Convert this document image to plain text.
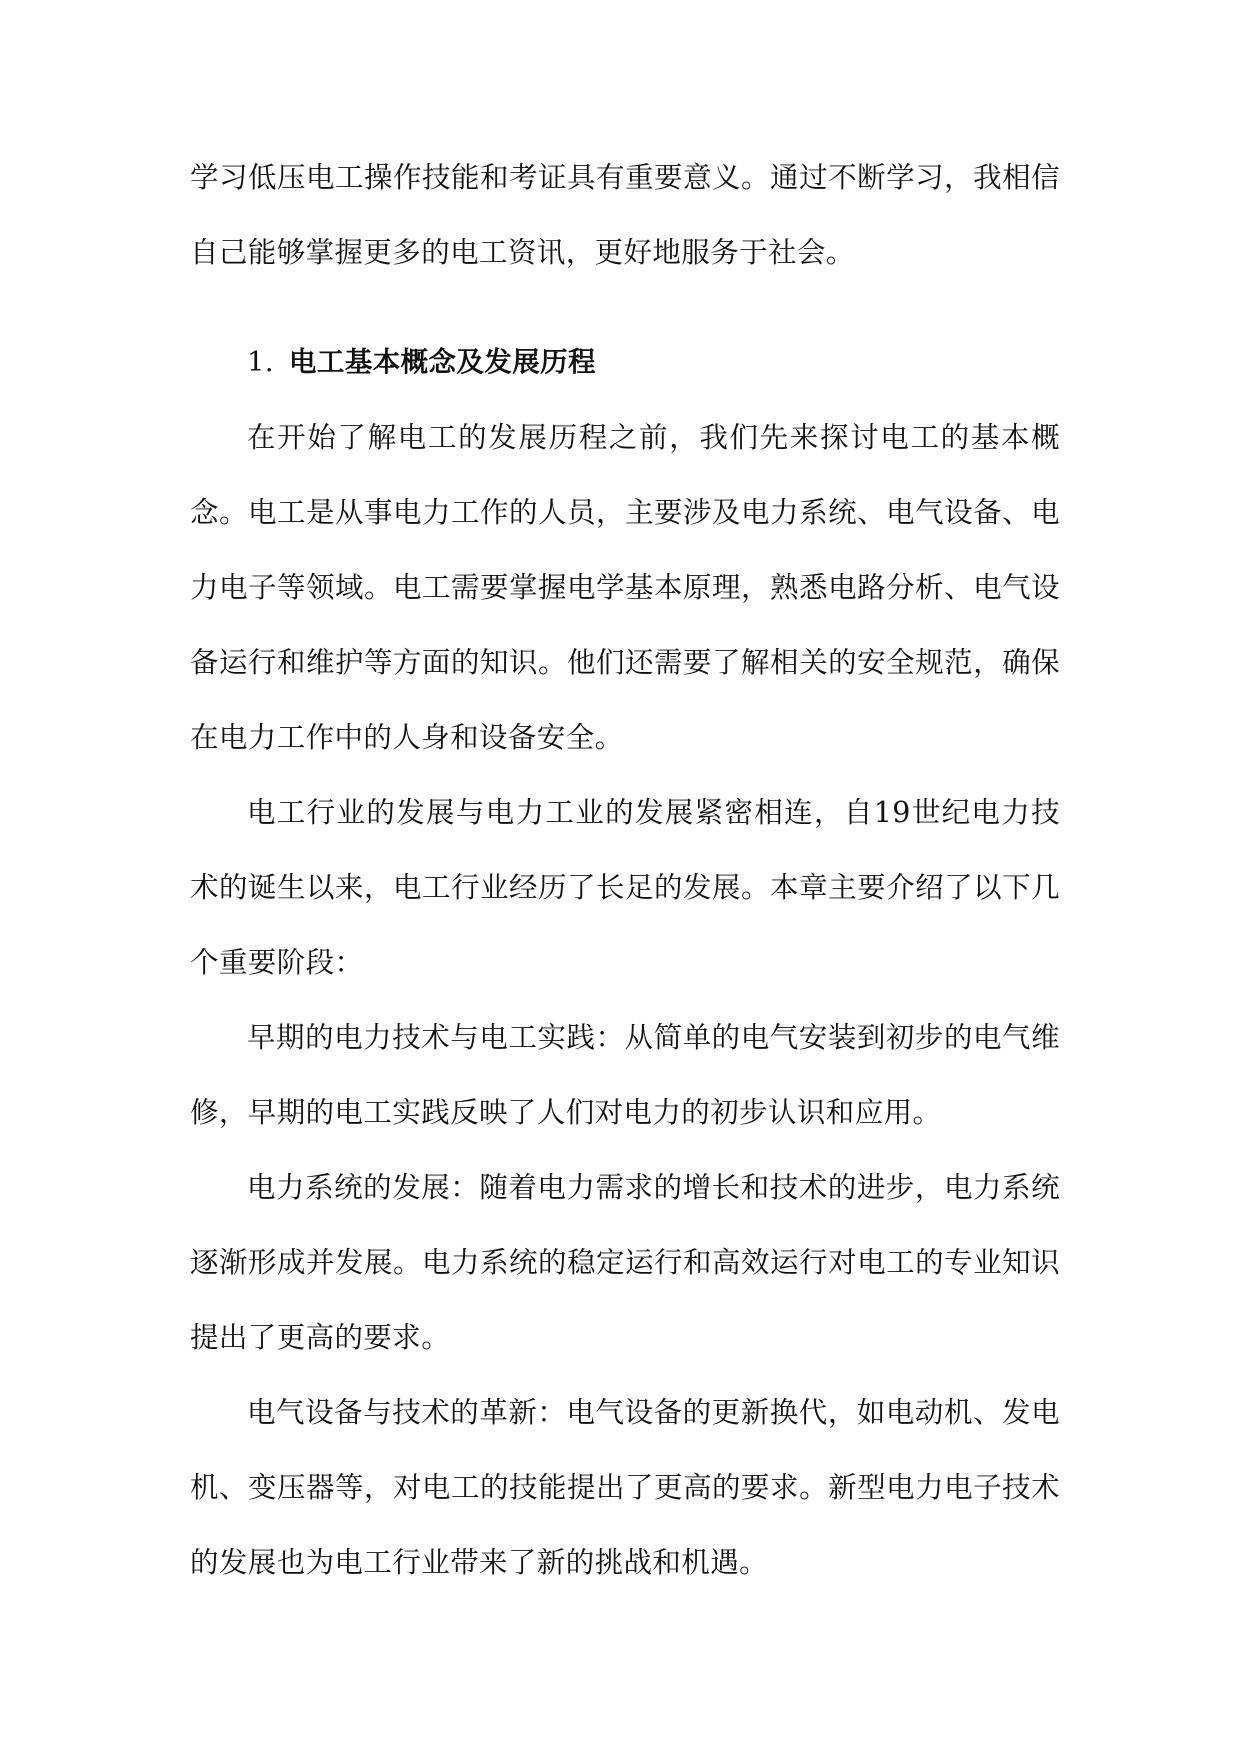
学习低压电工操作技能和考证具有重要意义。通过不断学习，我相信自己能够掌握更多的电工资讯，更好地服务于社会。

1. 电工基本概念及发展历程

在开始了解电工的发展历程之前，我们先来探讨电工的基本概念。电工是从事电力工作的人员，主要涉及电力系统、电气设备、电力电子等领域。电工需要掌握电学基本原理，熟悉电路分析、电气设备运行和维护等方面的知识。他们还需要了解相关的安全规范，确保在电力工作中的人身和设备安全。

电工行业的发展与电力工业的发展紧密相连，自19世纪电力技术的诞生以来，电工行业经历了长足的发展。本章主要介绍了以下几个重要阶段：

早期的电力技术与电工实践：从简单的电气安装到初步的电气维修，早期的电工实践反映了人们对电力的初步认识和应用。

电力系统的发展：随着电力需求的增长和技术的进步，电力系统逐渐形成并发展。电力系统的稳定运行和高效运行对电工的专业知识提出了更高的要求。

电气设备与技术的革新：电气设备的更新换代，如电动机、发电机、变压器等，对电工的技能提出了更高的要求。新型电力电子技术的发展也为电工行业带来了新的挑战和机遇。
